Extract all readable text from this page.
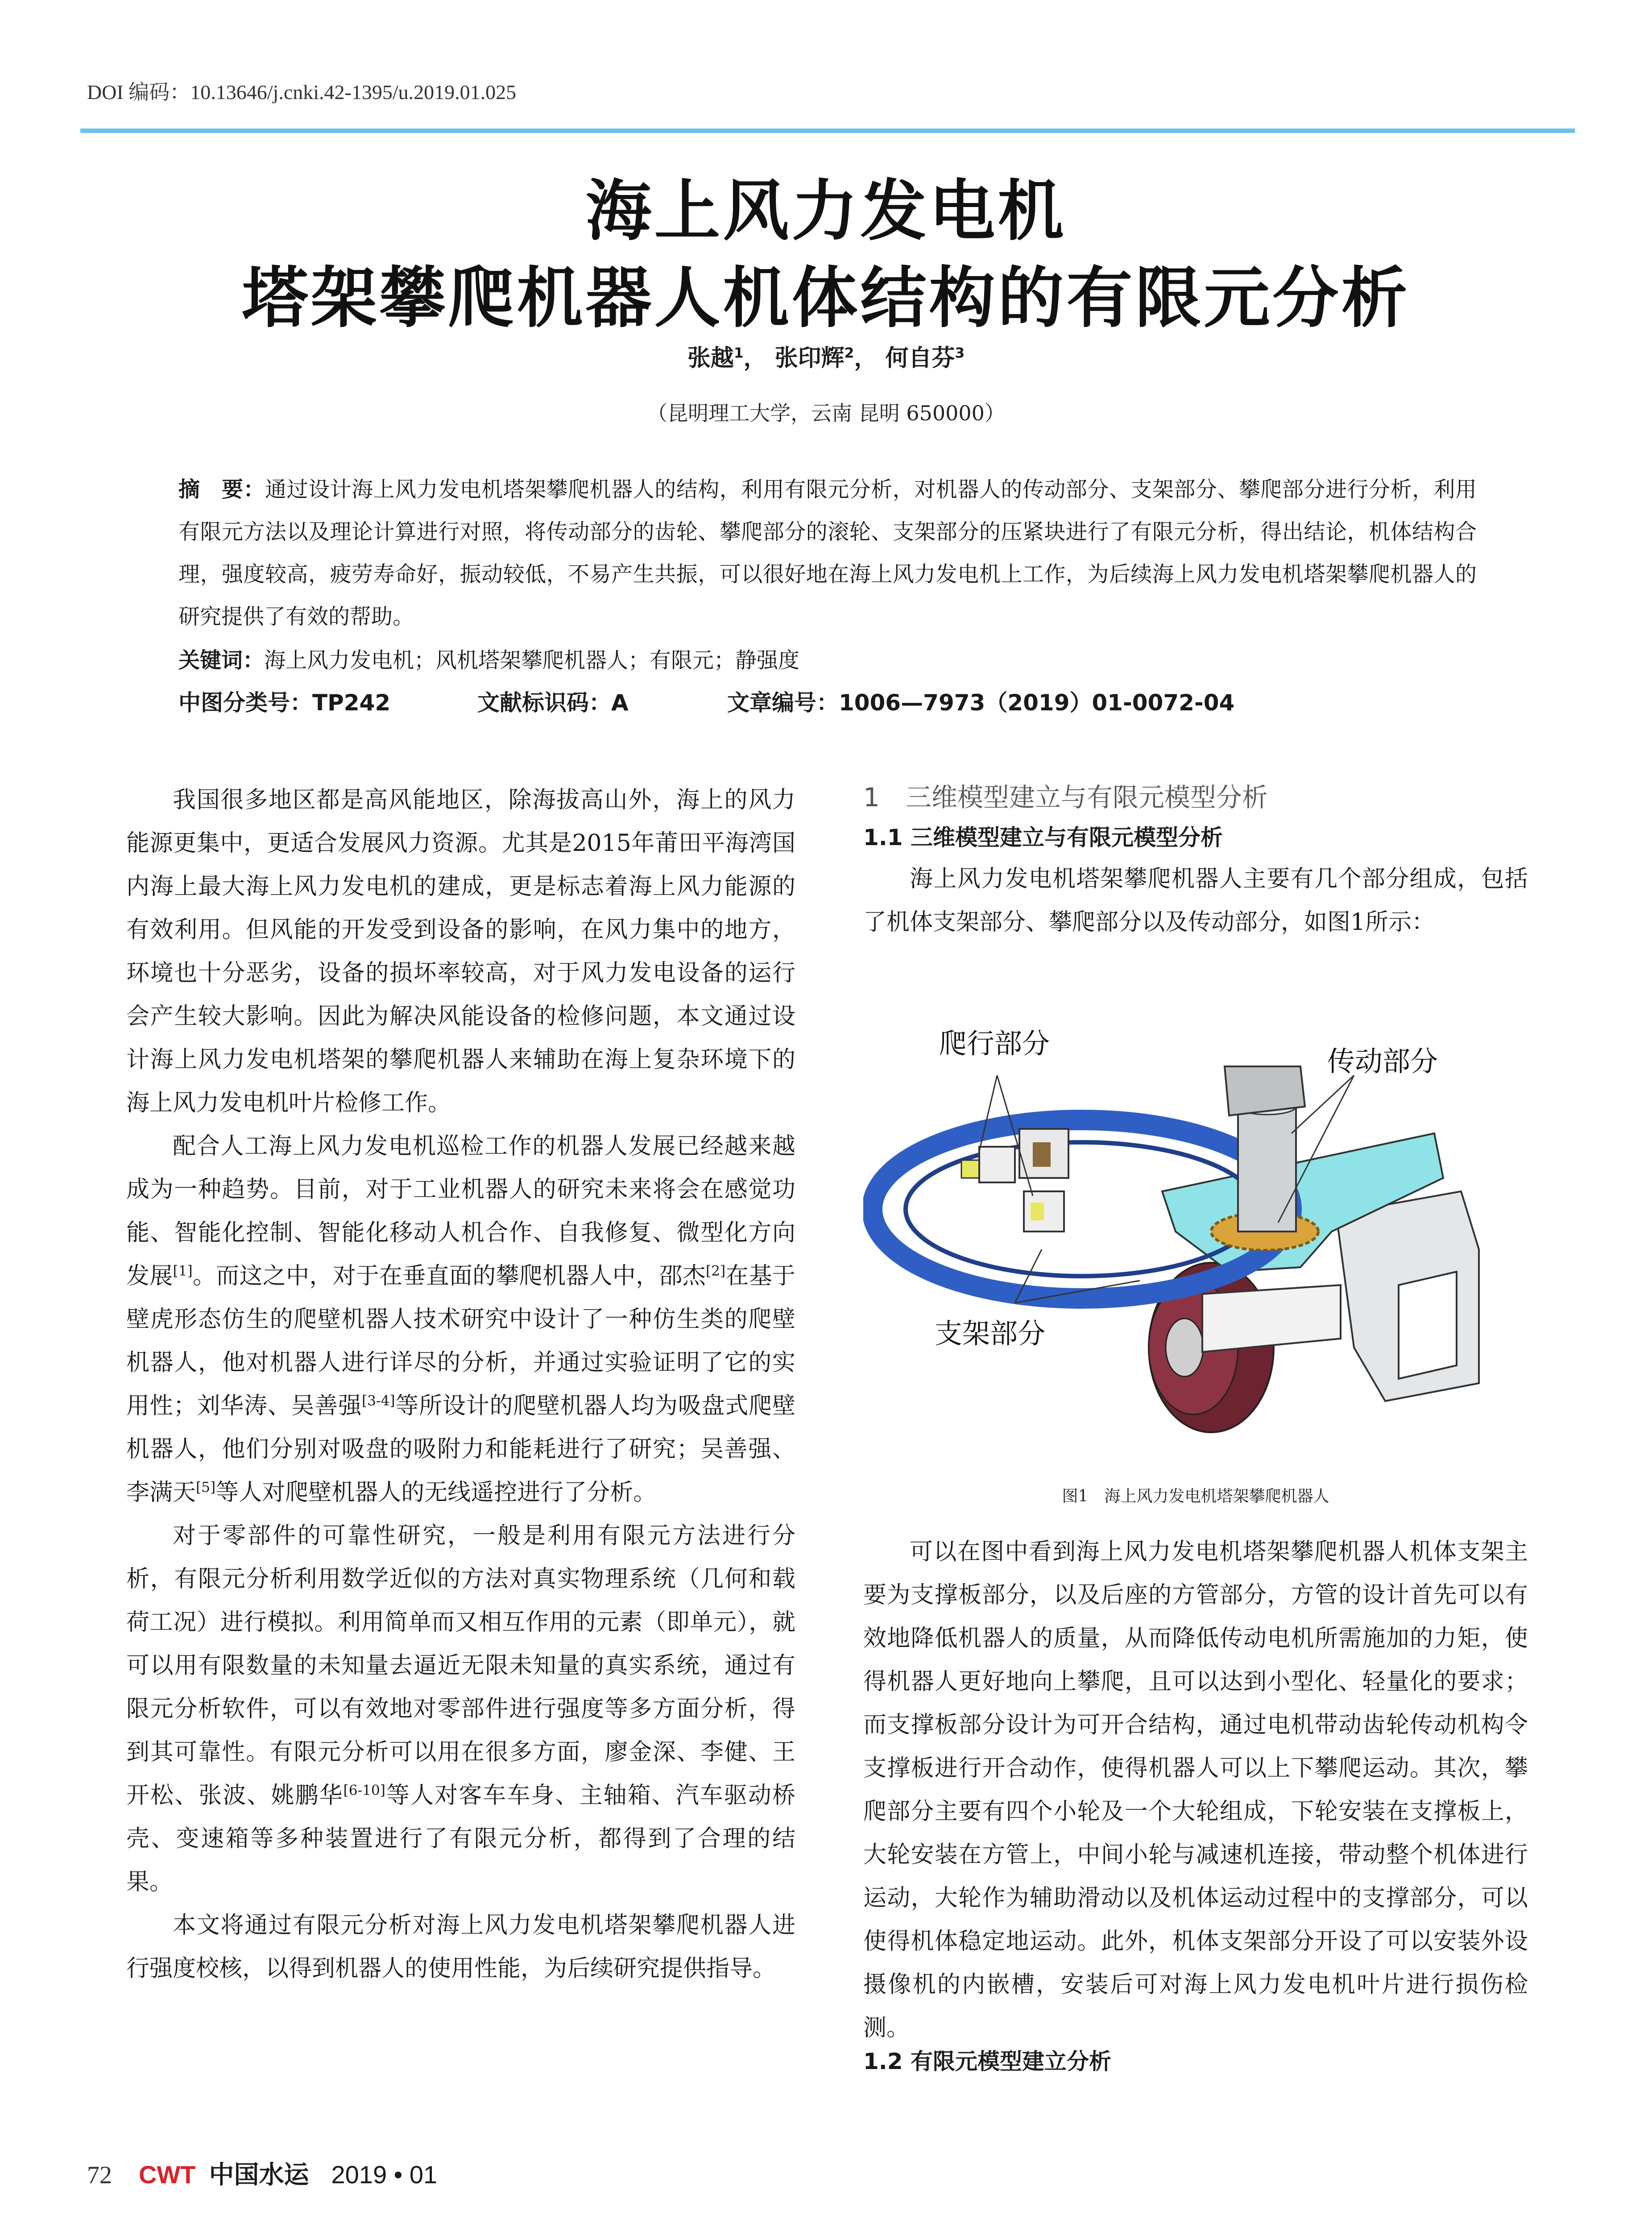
DOI 编码：10.13646/j.cnki.42-1395/u.2019.01.025
海上风力发电机
塔架攀爬机器人机体结构的有限元分析
张越$^1$， 张印辉$^2$， 何自芬$^3$
（昆明理工大学，云南 昆明 650000）
摘　要：通过设计海上风力发电机塔架攀爬机器人的结构，利用有限元分析，对机器人的传动部分、支架部分、攀爬部分进行分析，利用有限元方法以及理论计算进行对照，将传动部分的齿轮、攀爬部分的滚轮、支架部分的压紧块进行了有限元分析，得出结论，机体结构合理，强度较高，疲劳寿命好，振动较低，不易产生共振，可以很好地在海上风力发电机上工作，为后续海上风力发电机塔架攀爬机器人的研究提供了有效的帮助。
关键词：海上风力发电机；风机塔架攀爬机器人；有限元；静强度
中图分类号：TP242	文献标识码：A	文章编号：1006—7973（2019）01-0072-04

我国很多地区都是高风能地区，除海拔高山外，海上的风力能源更集中，更适合发展风力资源。尤其是2015年莆田平海湾国内海上最大海上风力发电机的建成，更是标志着海上风力能源的有效利用。但风能的开发受到设备的影响，在风力集中的地方，环境也十分恶劣，设备的损坏率较高，对于风力发电设备的运行会产生较大影响。因此为解决风能设备的检修问题，本文通过设计海上风力发电机塔架的攀爬机器人来辅助在海上复杂环境下的海上风力发电机叶片检修工作。

配合人工海上风力发电机巡检工作的机器人发展已经越来越成为一种趋势。目前，对于工业机器人的研究未来将会在感觉功能、智能化控制、智能化移动人机合作、自我修复、微型化方向发展[1]。而这之中，对于在垂直面的攀爬机器人中，邵杰[2]在基于壁虎形态仿生的爬壁机器人技术研究中设计了一种仿生类的爬壁机器人，他对机器人进行详尽的分析，并通过实验证明了它的实用性；刘华涛、吴善强[3-4]等所设计的爬壁机器人均为吸盘式爬壁机器人，他们分别对吸盘的吸附力和能耗进行了研究；吴善强、李满天[5]等人对爬壁机器人的无线遥控进行了分析。

对于零部件的可靠性研究，一般是利用有限元方法进行分析，有限元分析利用数学近似的方法对真实物理系统（几何和载荷工况）进行模拟。利用简单而又相互作用的元素（即单元），就可以用有限数量的未知量去逼近无限未知量的真实系统，通过有限元分析软件，可以有效地对零部件进行强度等多方面分析，得到其可靠性。有限元分析可以用在很多方面，廖金深、李健、王开松、张波、姚鹏华[6-10]等人对客车车身、主轴箱、汽车驱动桥壳、变速箱等多种装置进行了有限元分析，都得到了合理的结果。

本文将通过有限元分析对海上风力发电机塔架攀爬机器人进行强度校核，以得到机器人的使用性能，为后续研究提供指导。

1　三维模型建立与有限元模型分析
1.1 三维模型建立与有限元模型分析

海上风力发电机塔架攀爬机器人主要有几个部分组成，包括了机体支架部分、攀爬部分以及传动部分，如图1所示：

爬行部分
传动部分
支架部分
图1　海上风力发电机塔架攀爬机器人

可以在图中看到海上风力发电机塔架攀爬机器人机体支架主要为支撑板部分，以及后座的方管部分，方管的设计首先可以有效地降低机器人的质量，从而降低传动电机所需施加的力矩，使得机器人更好地向上攀爬，且可以达到小型化、轻量化的要求；而支撑板部分设计为可开合结构，通过电机带动齿轮传动机构令支撑板进行开合动作，使得机器人可以上下攀爬运动。其次，攀爬部分主要有四个小轮及一个大轮组成，下轮安装在支撑板上，大轮安装在方管上，中间小轮与减速机连接，带动整个机体进行运动，大轮作为辅助滑动以及机体运动过程中的支撑部分，可以使得机体稳定地运动。此外，机体支架部分开设了可以安装外设摄像机的内嵌槽，安装后可对海上风力发电机叶片进行损伤检测。

1.2 有限元模型建立分析
72 CWT 中国水运 2019 • 01
